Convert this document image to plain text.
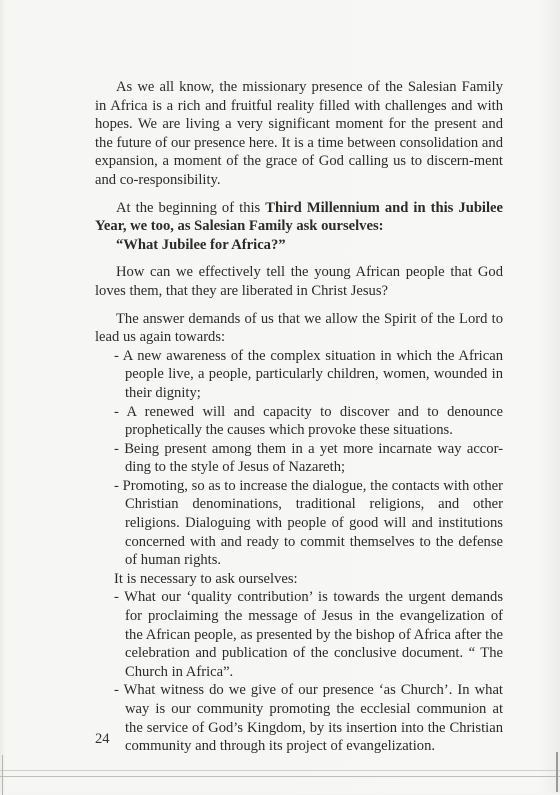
As we all know, the missionary presence of the Salesian Family in Africa is a rich and fruitful reality filled with challenges and with hopes. We are living a very significant moment for the present and the future of our presence here. It is a time between consolidation and expansion, a moment of the grace of God calling us to discern-ment and co-responsibility.

At the beginning of this Third Millennium and in this Jubilee Year, we too, as Salesian Family ask ourselves:

“What Jubilee for Africa?”

How can we effectively tell the young African people that God loves them, that they are liberated in Christ Jesus?

The answer demands of us that we allow the Spirit of the Lord to lead us again towards:

- A new awareness of the complex situation in which the African people live, a people, particularly children, women, wounded in their dignity;
- A renewed will and capacity to discover and to denounce prophetically the causes which provoke these situations.
- Being present among them in a yet more incarnate way accor-ding to the style of Jesus of Nazareth;
- Promoting, so as to increase the dialogue, the contacts with other Christian denominations, traditional religions, and other religions. Dialoguing with people of good will and institutions concerned with and ready to commit themselves to the defense of human rights.

It is necessary to ask ourselves:

- What our ‘quality contribution’ is towards the urgent demands for proclaiming the message of Jesus in the evangelization of the African people, as presented by the bishop of Africa after the celebration and publication of the conclusive document. “ The Church in Africa”.
- What witness do we give of our presence ‘as Church’. In what way is our community promoting the ecclesial communion at the service of God’s Kingdom, by its insertion into the Christian community and through its project of evangelization.
24
